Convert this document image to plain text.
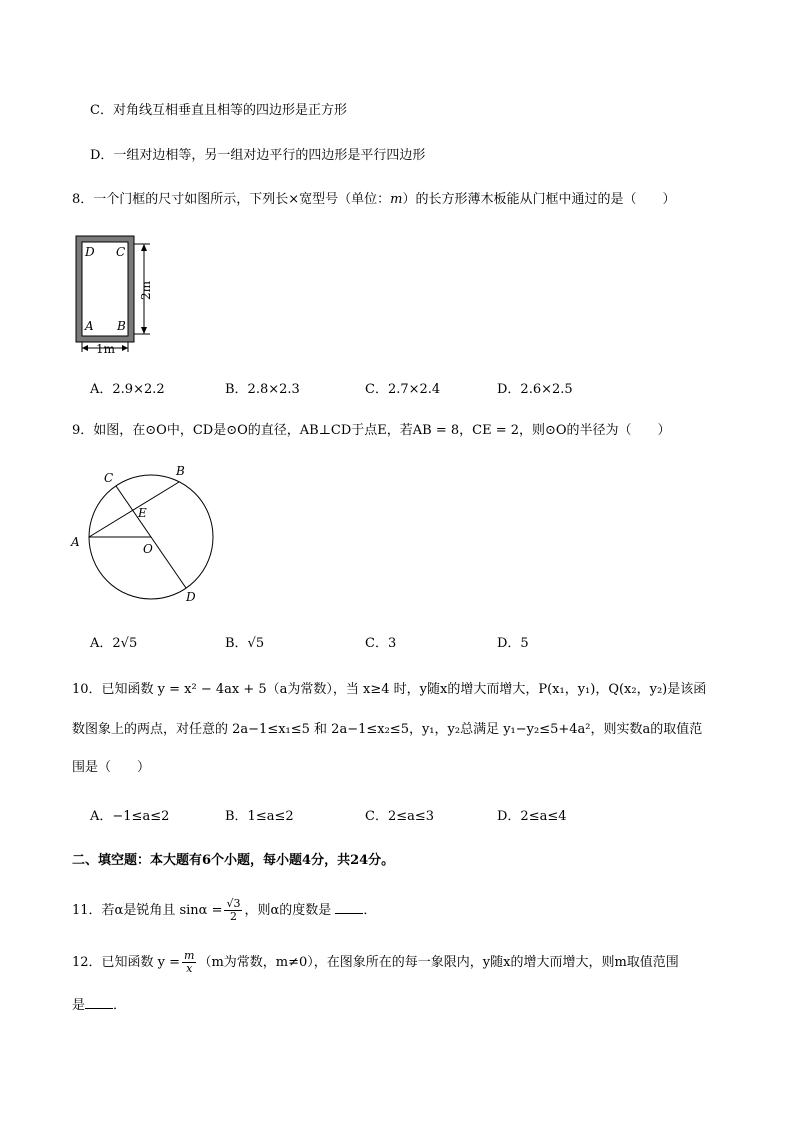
C．对角线互相垂直且相等的四边形是正方形
D．一组对边相等，另一组对边平行的四边形是平行四边形
8．一个门框的尺寸如图所示，下列长×宽型号（单位：m）的长方形薄木板能从门框中通过的是（　　）
D C
A B
2m
1m
A．2.9×2.2	B．2.8×2.3	C．2.7×2.4	D．2.6×2.5
9．如图，在⊙O中，CD是⊙O的直径，AB⊥CD于点E，若AB = 8，CE = 2，则⊙O的半径为（　　）
A
B
C
D
E
O
A．2√5	B．√5	C．3	D．5
10．已知函数 y = x² − 4ax + 5（a为常数），当 x≥4 时，y随x的增大而增大，P(x₁，y₁)，Q(x₂，y₂)是该函
数图象上的两点，对任意的 2a−1≤x₁≤5 和 2a−1≤x₂≤5，y₁，y₂总满足 y₁−y₂≤5+4a²，则实数a的取值范
围是（　　）
A．−1≤a≤2	B．1≤a≤2	C．2≤a≤3	D．2≤a≤4
二、填空题：本大题有6个小题，每小题4分，共24分。
11．若α是锐角且 $\sin\alpha = \frac{√3}{2}$ ，则α的度数是 ．
12．已知函数 $y = \frac{m}{x} (m$为常数，m≠0），在图象所在的每一象限内，y随x的增大而增大，则m取值范围
是 ．
